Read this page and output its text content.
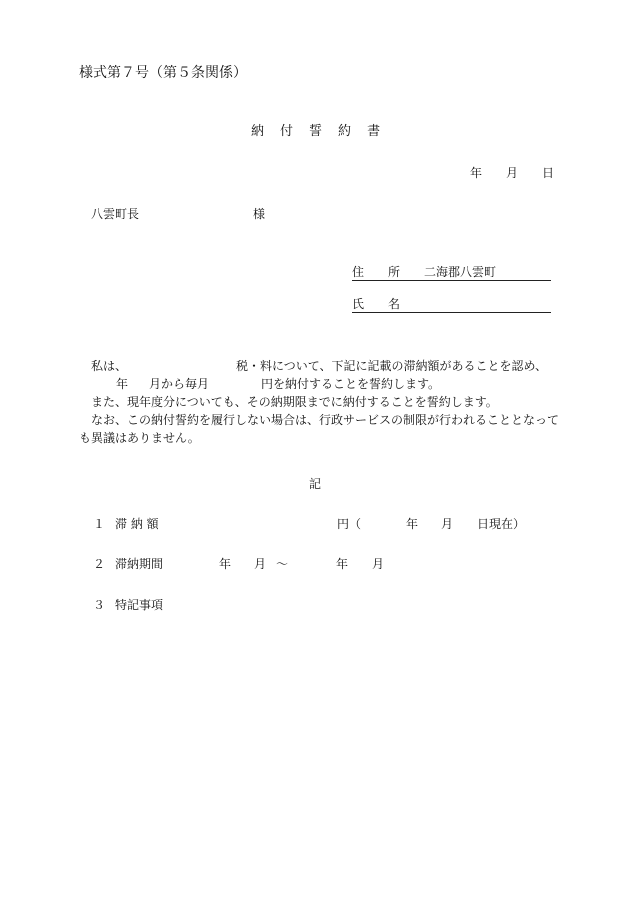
様式第７号（第５条関係）
納 付 誓 約 書
年 月 日
八雲町長	様
住 所 二海郡八雲町
氏 名

私は、	税・料について、下記に記載の滞納額があることを認め、

年 月から毎月	円を納付することを誓約します。

また、現年度分についても、その納期限までに納付することを誓約します。

なお、この納付誓約を履行しない場合は、行政サービスの制限が行われることとなって

も異議はありません。

記
１ 滞 納 額	円（	年 月 日現在）
２ 滞納期間	年 月 ～	年 月
３ 特記事項
